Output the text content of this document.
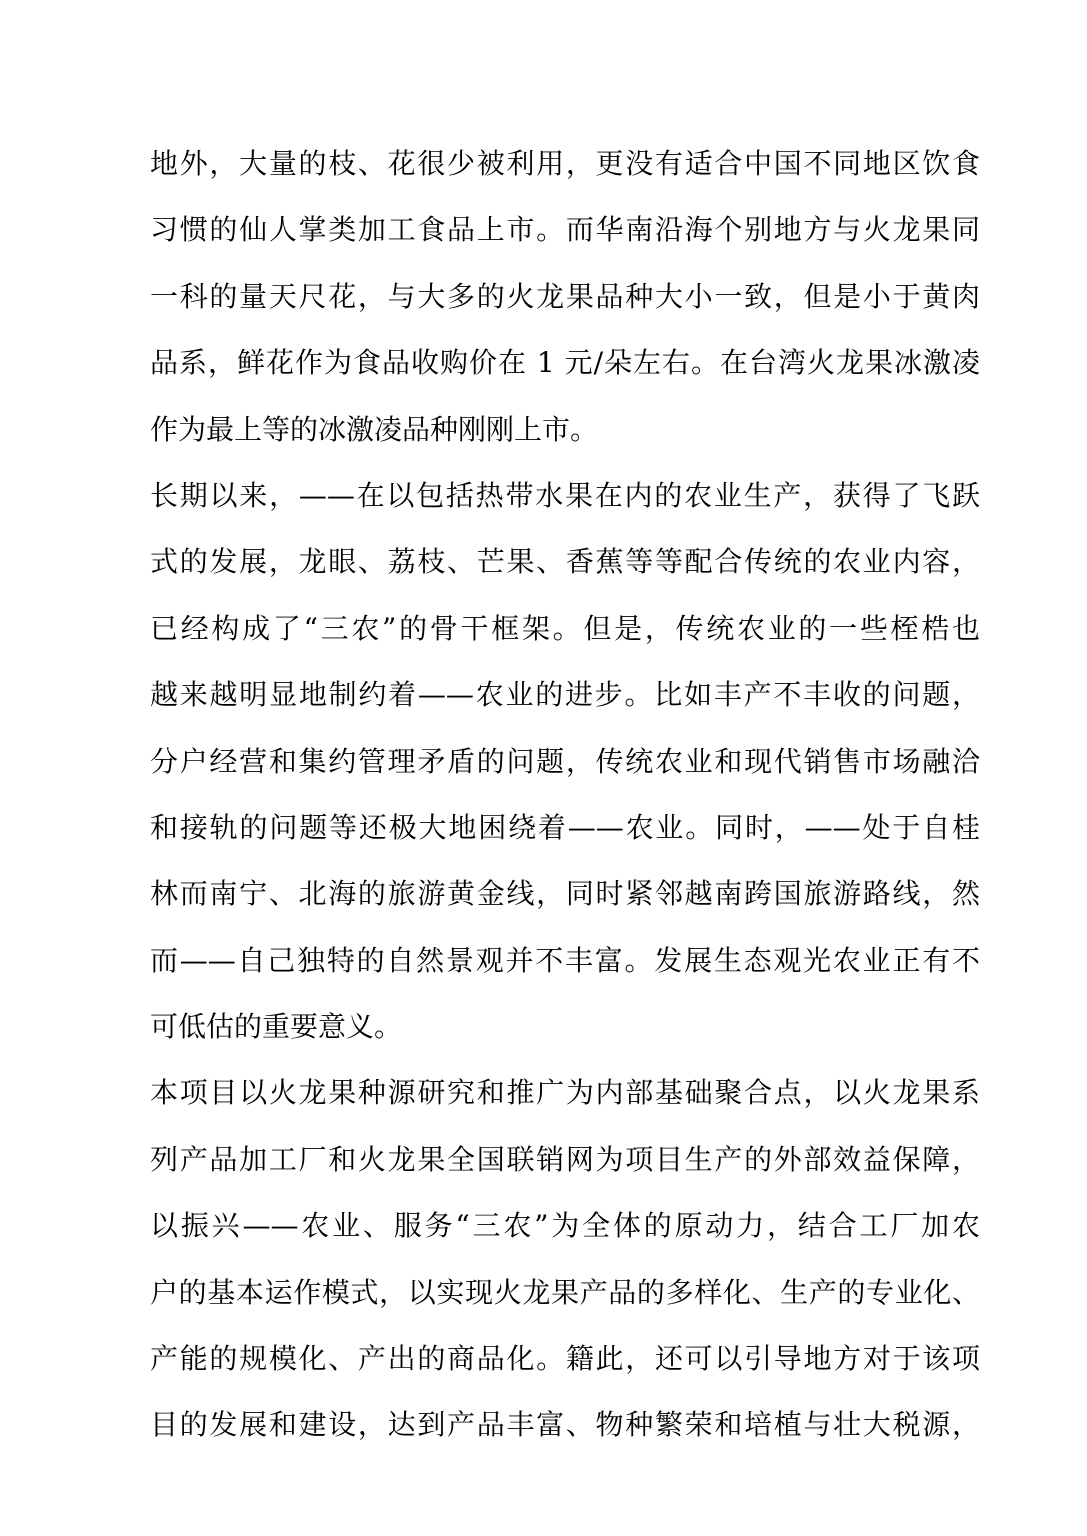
地外，大量的枝、花很少被利用，更没有适合中国不同地区饮食
习惯的仙人掌类加工食品上市。而华南沿海个别地方与火龙果同
一科的量天尺花，与大多的火龙果品种大小一致，但是小于黄肉
品系，鲜花作为食品收购价在 1 元/朵左右。在台湾火龙果冰激凌
作为最上等的冰激凌品种刚刚上市。
长期以来，——在以包括热带水果在内的农业生产，获得了飞跃
式的发展，龙眼、荔枝、芒果、香蕉等等配合传统的农业内容，
已经构成了“三农”的骨干框架。但是，传统农业的一些桎梏也
越来越明显地制约着——农业的进步。比如丰产不丰收的问题，
分户经营和集约管理矛盾的问题，传统农业和现代销售市场融洽
和接轨的问题等还极大地困绕着——农业。同时，——处于自桂
林而南宁、北海的旅游黄金线，同时紧邻越南跨国旅游路线，然
而——自己独特的自然景观并不丰富。发展生态观光农业正有不
可低估的重要意义。
本项目以火龙果种源研究和推广为内部基础聚合点，以火龙果系
列产品加工厂和火龙果全国联销网为项目生产的外部效益保障，
以振兴——农业、服务“三农”为全体的原动力，结合工厂加农
户的基本运作模式，以实现火龙果产品的多样化、生产的专业化、
产能的规模化、产出的商品化。籍此，还可以引导地方对于该项
目的发展和建设，达到产品丰富、物种繁荣和培植与壮大税源，
